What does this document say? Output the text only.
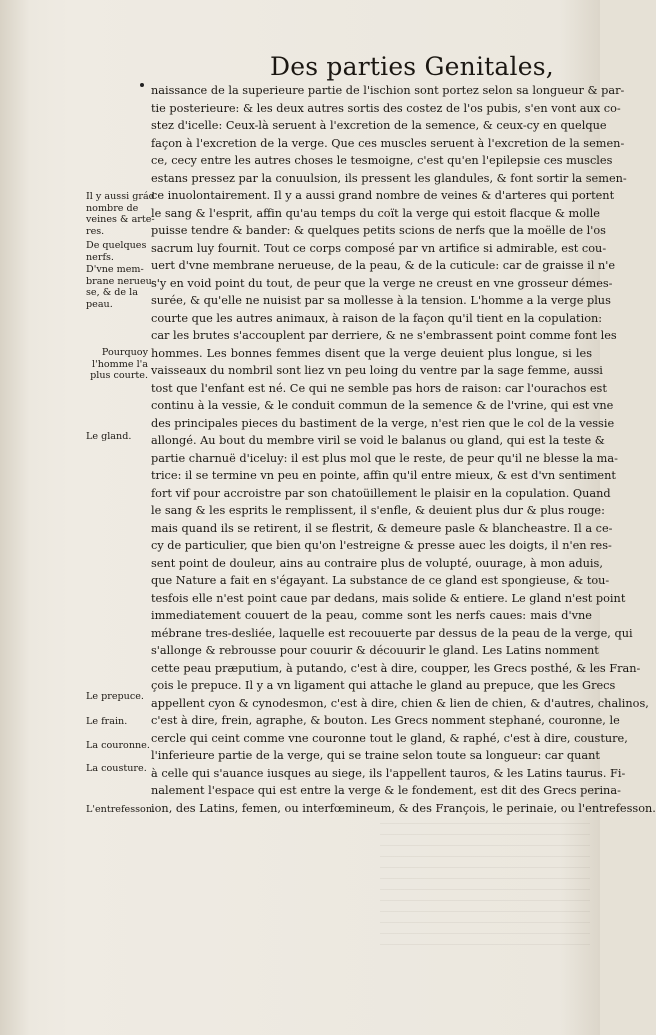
Des parties Genitales,
naissance de la superieure partie de l'ischion sont portez selon sa longueur & par-
tie posterieure: & les deux autres sortis des costez de l'os pubis, s'en vont aux co-
stez d'icelle: Ceux-là seruent à l'excretion de la semence, & ceux-cy en quelque
façon à l'excretion de la verge. Que ces muscles seruent à l'excretion de la semen-
ce, cecy entre les autres choses le tesmoigne, c'est qu'en l'epilepsie ces muscles
estans pressez par la conuulsion, ils pressent les glandules, & font sortir la semen-
ce inuolontairement. Il y a aussi grand nombre de veines & d'arteres qui portent
le sang & l'esprit, affin qu'au temps du coït la verge qui estoit flacque & molle
puisse tendre & bander: & quelques petits scions de nerfs que la moëlle de l'os
sacrum luy fournit. Tout ce corps composé par vn artifice si admirable, est cou-
uert d'vne membrane nerueuse, de la peau, & de la cuticule: car de graisse il n'e
s'y en void point du tout, de peur que la verge ne creust en vne grosseur démes-
surée, & qu'elle ne nuisist par sa mollesse à la tension. L'homme a la verge plus
courte que les autres animaux, à raison de la façon qu'il tient en la copulation:
car les brutes s'accouplent par derriere, & ne s'embrassent point comme font les
hommes. Les bonnes femmes disent que la verge deuient plus longue, si les
vaisseaux du nombril sont liez vn peu loing du ventre par la sage femme, aussi
tost que l'enfant est né. Ce qui ne semble pas hors de raison: car l'ourachos est
continu à la vessie, & le conduit commun de la semence & de l'vrine, qui est vne
des principales pieces du bastiment de la verge, n'est rien que le col de la vessie
allongé. Au bout du membre viril se void le balanus ou gland, qui est la teste &
partie charnuë d'iceluy: il est plus mol que le reste, de peur qu'il ne blesse la ma-
trice: il se termine vn peu en pointe, affin qu'il entre mieux, & est d'vn sentiment
fort vif pour accroistre par son chatoüillement le plaisir en la copulation. Quand
le sang & les esprits le remplissent, il s'enfle, & deuient plus dur & plus rouge:
mais quand ils se retirent, il se flestrit, & demeure pasle & blancheastre. Il a ce-
cy de particulier, que bien qu'on l'estreigne & presse auec les doigts, il n'en res-
sent point de douleur, ains au contraire plus de volupté, ouurage, à mon aduis,
que Nature a fait en s'égayant. La substance de ce gland est spongieuse, & tou-
tesfois elle n'est point caue par dedans, mais solide & entiere. Le gland n'est point
immediatement couuert de la peau, comme sont les nerfs caues: mais d'vne
mébrane tres-desliée, laquelle est recouuerte par dessus de la peau de la verge, qui
s'allonge & rebrousse pour couurir & découurir le gland. Les Latins nomment
cette peau præputium, à putando, c'est à dire, coupper, les Grecs posthé, & les Fran-
çois le prepuce. Il y a vn ligament qui attache le gland au prepuce, que les Grecs
appellent cyon & cynodesmon, c'est à dire, chien & lien de chien, & d'autres, chalinos,
c'est à dire, frein, agraphe, & bouton. Les Grecs nomment stephané, couronne, le
cercle qui ceint comme vne couronne tout le gland, & raphé, c'est à dire, cousture,
l'inferieure partie de la verge, qui se traine selon toute sa longueur: car quant
à celle qui s'auance iusques au siege, ils l'appellent tauros, & les Latins taurus. Fi-
nalement l'espace qui est entre la verge & le fondement, est dit des Grecs perina-
ion, des Latins, femen, ou interfœmineum, & des François, le perinaie, ou l'entrefesson.
Il y aussi grád
nombre de
veines & arte-
res.
De quelques
nerfs.
D'vne mem-
brane nerueu-
se, & de la
peau.
Pourquoy
l'homme l'a
plus courte.
Le gland.
Le prepuce.
Le frain.
La couronne.
La cousture.
L'entrefesson.
